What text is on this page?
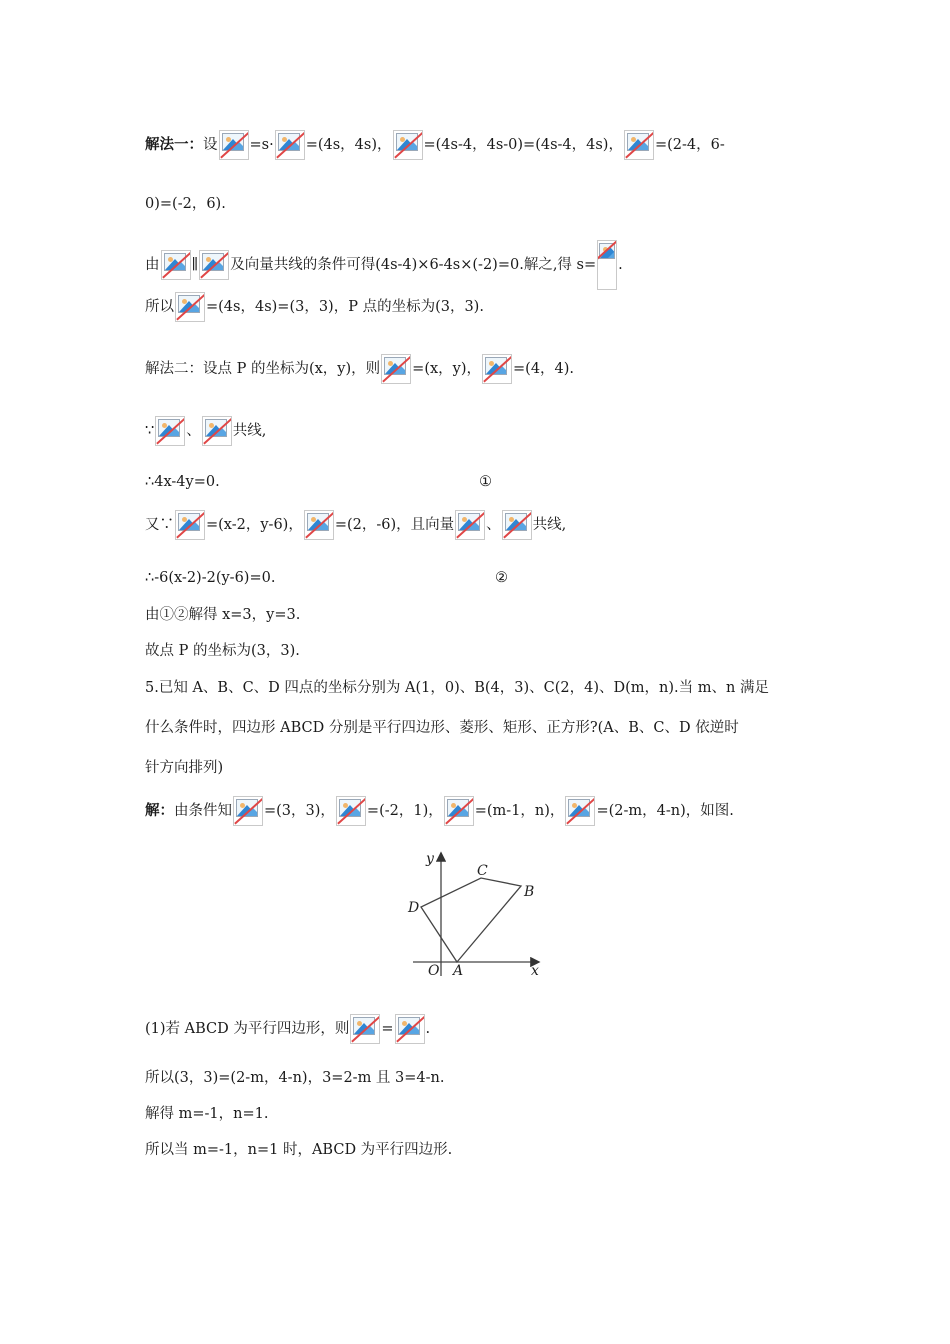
解法一：设 =s· =(4s，4s)， =(4s-4，4s-0)=(4s-4，4s)， =(2-4，6-
0)=(-2，6).
由 ∥ 及向量共线的条件可得(4s-4)×6-4s×(-2)=0.解之,得 s= .
所以 =(4s，4s)=(3，3)，P 点的坐标为(3，3).
解法二：设点 P 的坐标为(x，y)，则 =(x，y)， =(4，4).
∵ 、 共线,
∴4x-4y=0.	①
又∵ =(x-2，y-6)， =(2，-6)，且向量 、 共线,
∴-6(x-2)-2(y-6)=0.	②
由①②解得 x=3，y=3.
故点 P 的坐标为(3，3).
5.已知 A、B、C、D 四点的坐标分别为 A(1，0)、B(4，3)、C(2，4)、D(m，n).当 m、n 满足
什么条件时，四边形 ABCD 分别是平行四边形、菱形、矩形、正方形?(A、B、C、D 依逆时
针方向排列)
解：由条件知 =(3，3)， =(-2，1)， =(m-1，n)， =(2-m，4-n)，如图.
y
x
O A
B
C
D
(1)若 ABCD 为平行四边形，则 = .
所以(3，3)=(2-m，4-n)，3=2-m 且 3=4-n.
解得 m=-1，n=1.
所以当 m=-1，n=1 时，ABCD 为平行四边形.
